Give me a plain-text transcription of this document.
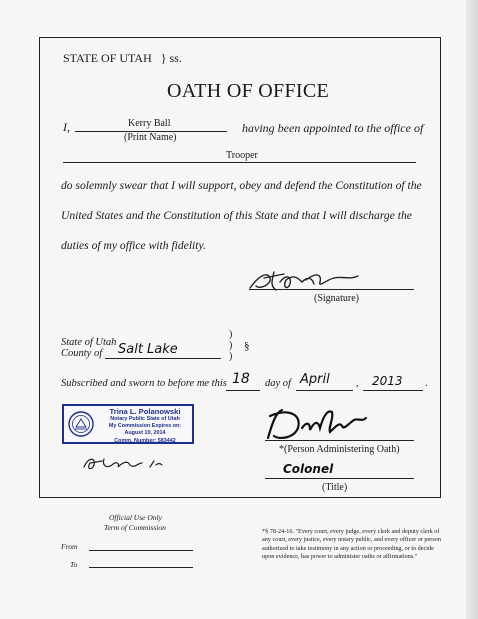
STATE OF UTAH } ss.
OATH OF OFFICE
I,	Kerry Ball
(Print Name)
having been appointed to the office of
Trooper
do solemnly swear that I will support, obey and defend the Constitution of the
United States and the Constitution of this State and that I will discharge the
duties of my office with fidelity.
(Signature)
State of Utah
County of Salt Lake
)
)
)
§
Subscribed and sworn to before me this 18 day of April	, 2013 .
Trina L. Polanowski
Notary Public State of Utah
My Commission Expires on:
August 10, 2014
Comm. Number: 583442
*(Person Administering Oath)
Colonel
(Title)
Official Use Only
Term of Commission
From
To
*§ 78-24-16. "Every court, every judge, every clerk and deputy clerk of any court, every justice, every notary public, and every officer or person authorized to take testimony in any action or proceeding, or to decide upon evidence, has power to administer oaths or affirmations."
